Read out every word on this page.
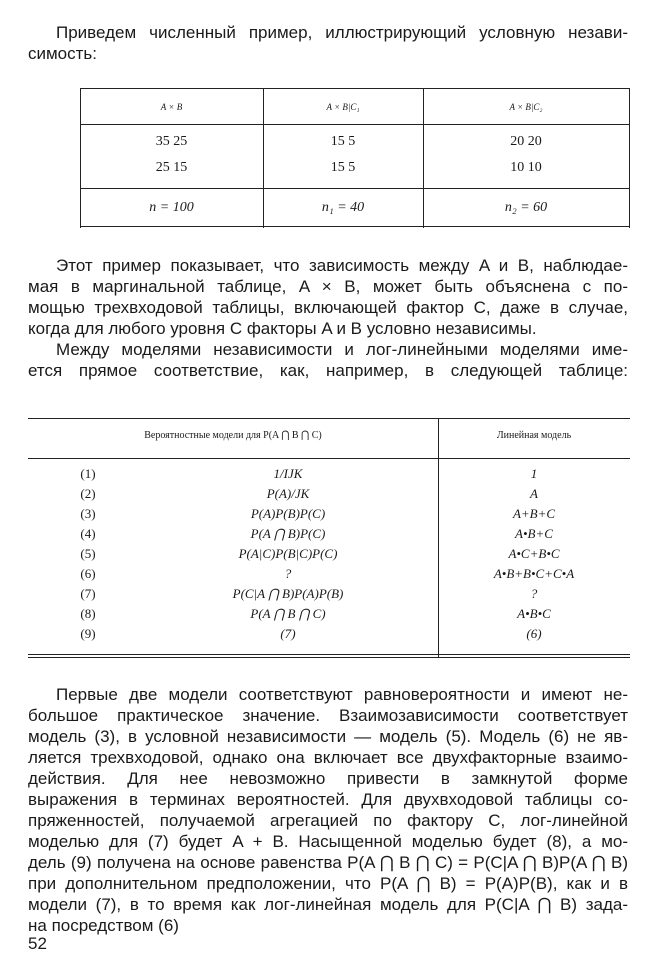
Приведем численный пример, иллюстрирующий условную незави-
симость:
A × B	A × B|C₁	A × B|C₂
35 25	15 5	20 20
25 15	15 5	10 10
n = 100	n₁ = 40	n₂ = 60
Этот пример показывает, что зависимость между A и B, наблюдае-
мая в маргинальной таблице, A × B, может быть объяснена с по-
мощью трехвходовой таблицы, включающей фактор C, даже в случае,
когда для любого уровня C факторы A и B условно независимы.
Между моделями независимости и лог-линейными моделями име-
ется прямое соответствие, как, например, в следующей таблице:
Вероятностные модели для P(A ⋂ B ⋂ C)	Линейная модель
(1)	1/IJK	1
(2)	P(A)/JK	A
(3)	P(A)P(B)P(C)	A+B+C
(4)	P(A ⋂ B)P(C)	A•B+C
(5)	P(A|C)P(B|C)P(C)	A•C+B•C
(6)	?	A•B+B•C+C•A
(7)	P(C|A ⋂ B)P(A)P(B)	?
(8)	P(A ⋂ B ⋂ C)	A•B•C
(9)	(7)	(6)
Первые две модели соответствуют равновероятности и имеют не-
большое практическое значение. Взаимозависимости соответствует
модель (3), в условной независимости — модель (5). Модель (6) не яв-
ляется трехвходовой, однако она включает все двухфакторные взаимо-
действия. Для нее невозможно привести в замкнутой форме
выражения в терминах вероятностей. Для двухвходовой таблицы со-
пряженностей, получаемой агрегацией по фактору C, лог-линейной
моделью для (7) будет A + B. Насыщенной моделью будет (8), а мо-
дель (9) получена на основе равенства P(A ⋂ B ⋂ C) = P(C|A ⋂ B)P(A ⋂ B)
при дополнительном предположении, что P(A ⋂ B) = P(A)P(B), как и в
модели (7), в то время как лог-линейная модель для P(C|A ⋂ B) зада-
на посредством (6)
52
